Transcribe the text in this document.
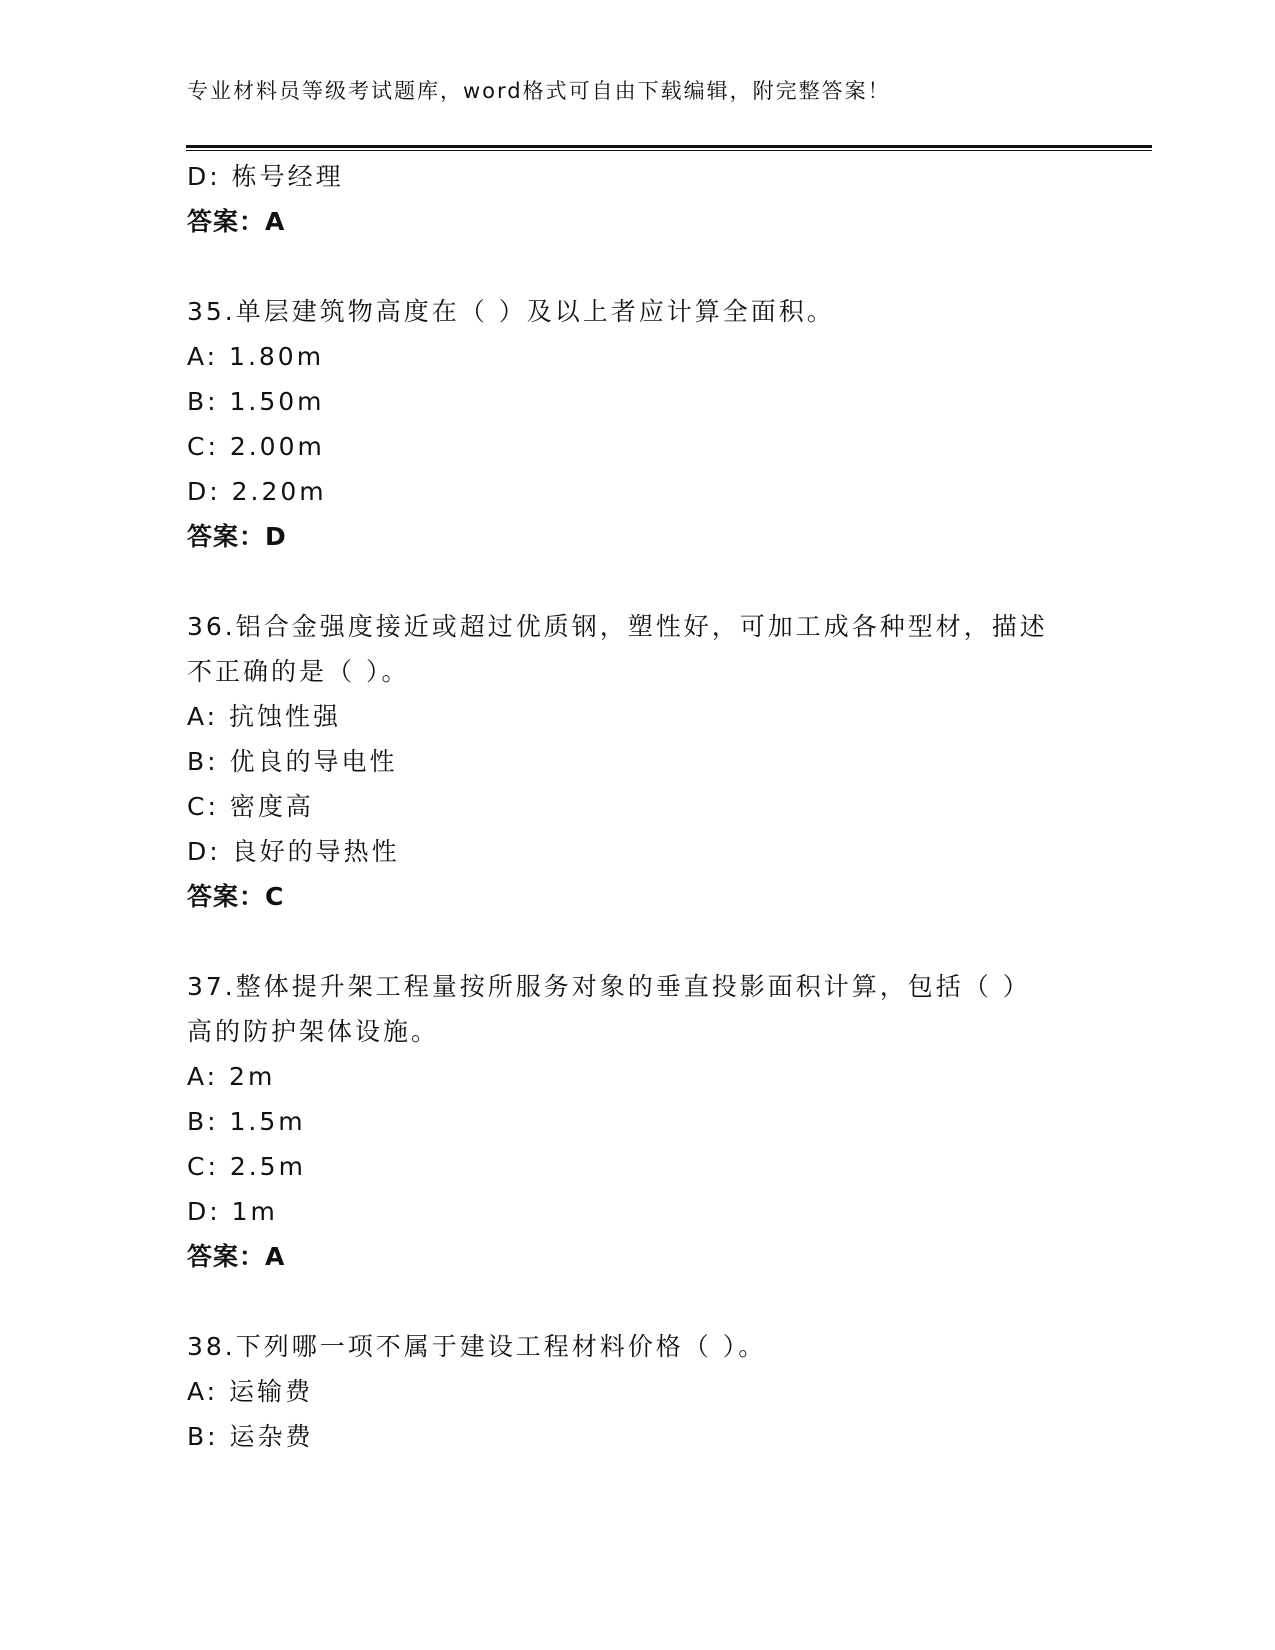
专业材料员等级考试题库，word格式可自由下载编辑，附完整答案！
D: 栋号经理
答案：A
35.单层建筑物高度在（ ）及以上者应计算全面积。
A: 1.80m
B: 1.50m
C: 2.00m
D: 2.20m
答案：D
36.铝合金强度接近或超过优质钢，塑性好，可加工成各种型材，描述
不正确的是（ ）。
A: 抗蚀性强
B: 优良的导电性
C: 密度高
D: 良好的导热性
答案：C
37.整体提升架工程量按所服务对象的垂直投影面积计算，包括（ ）
高的防护架体设施。
A: 2m
B: 1.5m
C: 2.5m
D: 1m
答案：A
38.下列哪一项不属于建设工程材料价格（ ）。
A: 运输费
B: 运杂费
